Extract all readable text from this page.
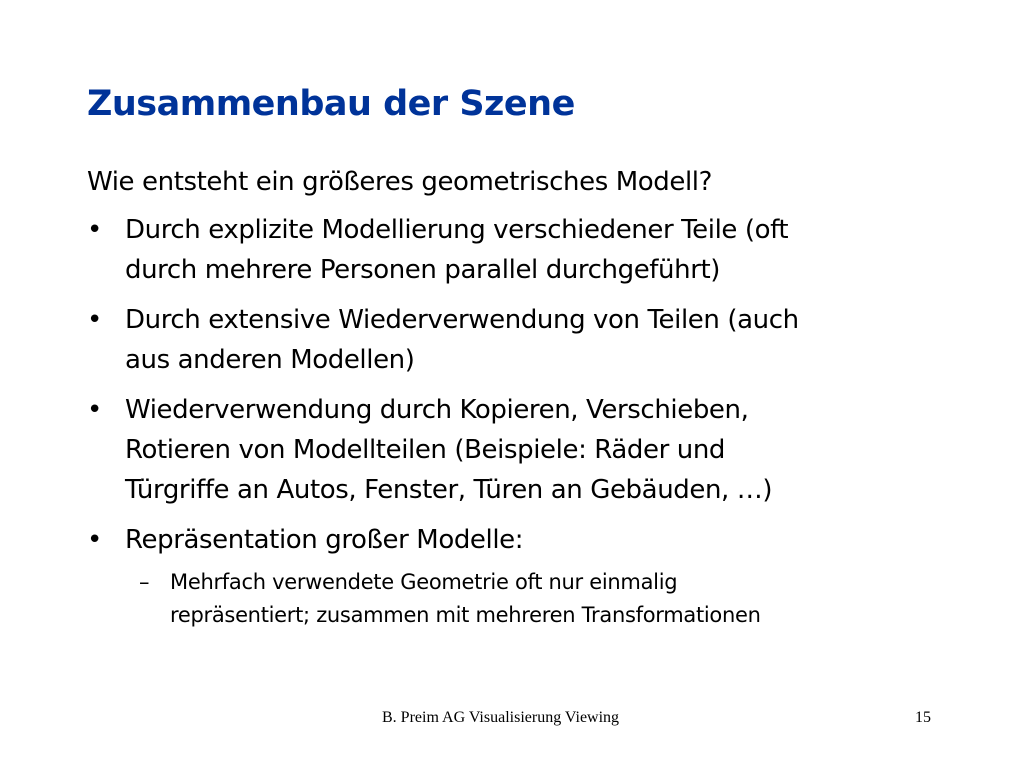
Zusammenbau der Szene
Wie entsteht ein größeres geometrisches Modell?
• Durch explizite Modellierung verschiedener Teile (oft
durch mehrere Personen parallel durchgeführt)
• Durch extensive Wiederverwendung von Teilen (auch
aus anderen Modellen)
• Wiederverwendung durch Kopieren, Verschieben,
Rotieren von Modellteilen (Beispiele: Räder und
Türgriffe an Autos, Fenster, Türen an Gebäuden, …)
• Repräsentation großer Modelle:
– Mehrfach verwendete Geometrie oft nur einmalig
repräsentiert; zusammen mit mehreren Transformationen
B. Preim AG Visualisierung Viewing	15
